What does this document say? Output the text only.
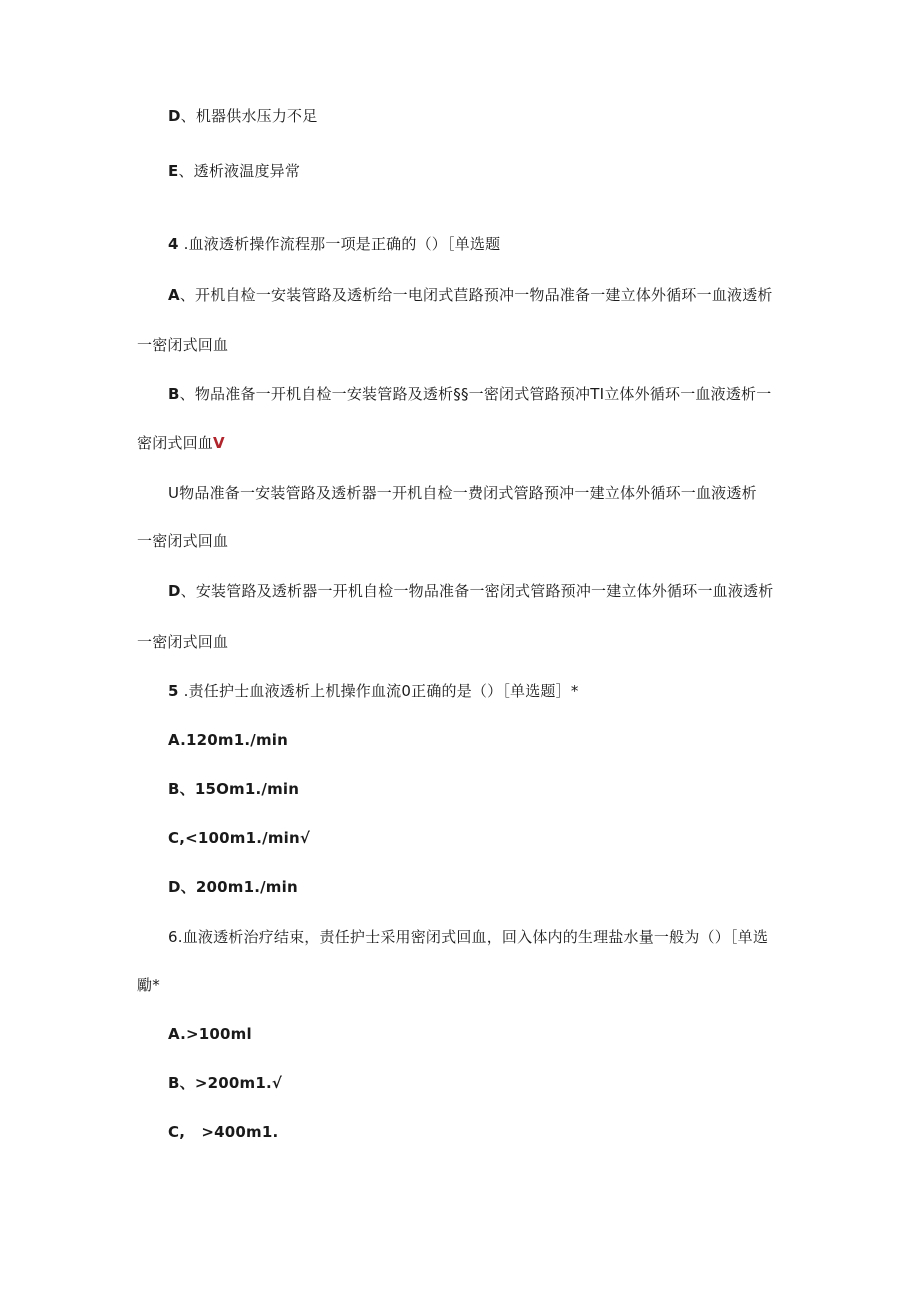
D、机器供水压力不足
E、透析液温度异常
4 .血液透析操作流程那一项是正确的（）［单选题
A、开机自检一安装管路及透析给一电闭式苣路预冲一物品准备一建立体外循环一血液透析
一密闭式回血
B、物品准备一开机自检一安装管路及透析§§一密闭式管路预冲TI立体外循环一血液透析一
密闭式回血V
U物品准备一安装管路及透析器一开机自检一费闭式管路预冲一建立体外循环一血液透析
一密闭式回血
D、安装管路及透析器一开机自检一物品准备一密闭式管路预冲一建立体外循环一血液透析
一密闭式回血
5 .责任护士血液透析上机操作血流0正确的是（）［单选题］*
A.120m1./min
B、15Om1./min
C,<100m1./min√
D、200m1./min
6.血液透析治疗结束，责任护士采用密闭式回血，回入体内的生理盐水量一般为（）［单选
勵*
A.>100ml
B、>200m1.√
C,   >400m1.
